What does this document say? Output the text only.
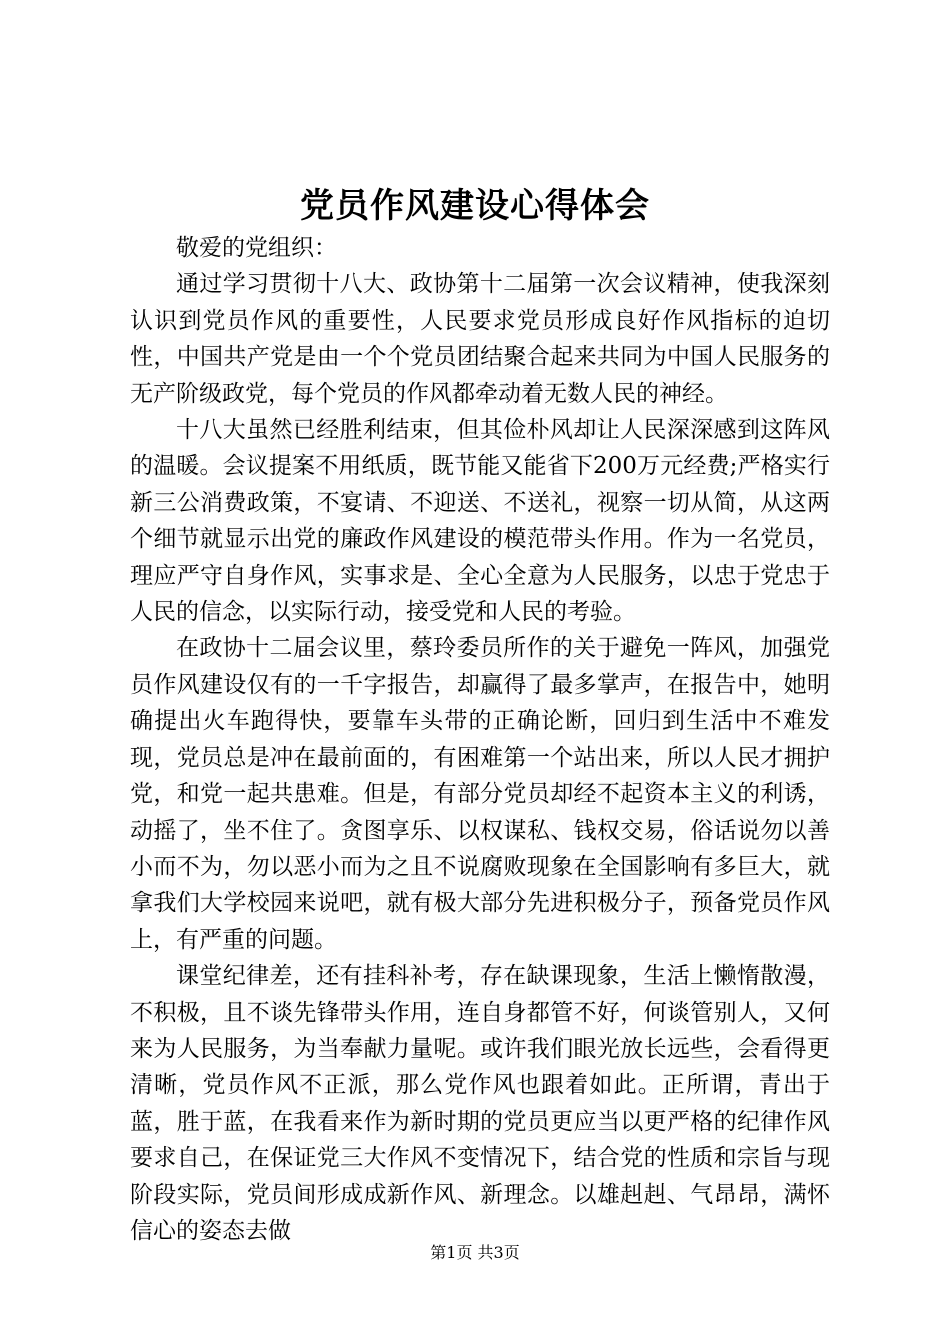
党员作风建设心得体会

敬爱的党组织：

通过学习贯彻十八大、政协第十二届第一次会议精神，使我深刻认识到党员作风的重要性，人民要求党员形成良好作风指标的迫切性，中国共产党是由一个个党员团结聚合起来共同为中国人民服务的无产阶级政党，每个党员的作风都牵动着无数人民的神经。

十八大虽然已经胜利结束，但其俭朴风却让人民深深感到这阵风的温暖。会议提案不用纸质，既节能又能省下200万元经费;严格实行新三公消费政策，不宴请、不迎送、不送礼，视察一切从简，从这两个细节就显示出党的廉政作风建设的模范带头作用。作为一名党员，理应严守自身作风，实事求是、全心全意为人民服务，以忠于党忠于人民的信念，以实际行动，接受党和人民的考验。

在政协十二届会议里，蔡玲委员所作的关于避免一阵风，加强党员作风建设仅有的一千字报告，却赢得了最多掌声，在报告中，她明确提出火车跑得快，要靠车头带的正确论断，回归到生活中不难发现，党员总是冲在最前面的，有困难第一个站出来，所以人民才拥护党，和党一起共患难。但是，有部分党员却经不起资本主义的利诱，动摇了，坐不住了。贪图享乐、以权谋私、钱权交易，俗话说勿以善小而不为，勿以恶小而为之且不说腐败现象在全国影响有多巨大，就拿我们大学校园来说吧，就有极大部分先进积极分子，预备党员作风上，有严重的问题。

课堂纪律差，还有挂科补考，存在缺课现象，生活上懒惰散漫，不积极，且不谈先锋带头作用，连自身都管不好，何谈管别人，又何来为人民服务，为当奉献力量呢。或许我们眼光放长远些，会看得更清晰，党员作风不正派，那么党作风也跟着如此。正所谓，青出于蓝，胜于蓝，在我看来作为新时期的党员更应当以更严格的纪律作风要求自己，在保证党三大作风不变情况下，结合党的性质和宗旨与现阶段实际，党员间形成成新作风、新理念。以雄赳赳、气昂昂，满怀信心的姿态去做

第1页 共3页
